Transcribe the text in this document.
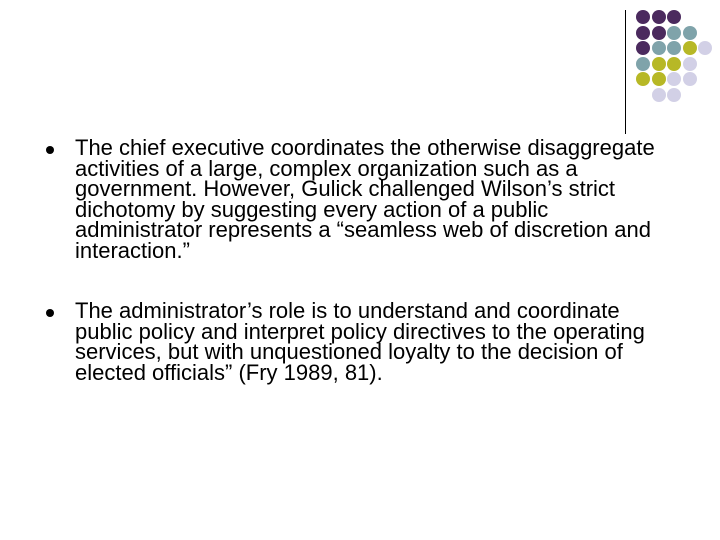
The chief executive coordinates the otherwise disaggregate activities of a large, complex organization such as a government. However, Gulick challenged Wilson’s strict dichotomy by suggesting every action of a public administrator represents a “seamless web of discretion and interaction.”
The administrator’s role is to understand and coordinate public policy and interpret policy directives to the operating services, but with unquestioned loyalty to the decision of elected officials” (Fry 1989, 81).
